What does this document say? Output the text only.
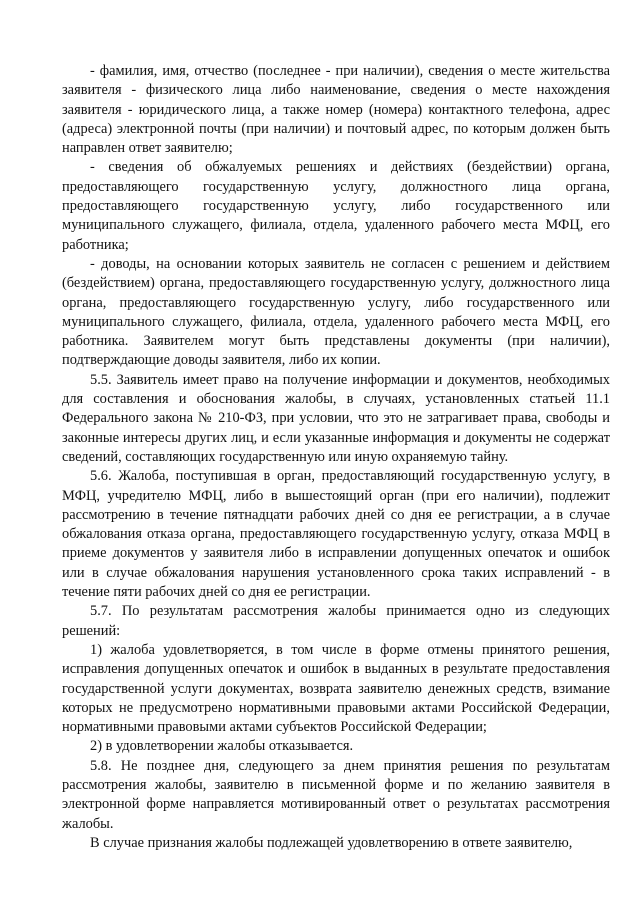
- фамилия, имя, отчество (последнее - при наличии), сведения о месте жительства заявителя - физического лица либо наименование, сведения о месте нахождения заявителя - юридического лица, а также номер (номера) контактного телефона, адрес (адреса) электронной почты (при наличии) и почтовый адрес, по которым должен быть направлен ответ заявителю;

- сведения об обжалуемых решениях и действиях (бездействии) органа, предоставляющего государственную услугу, должностного лица органа, предоставляющего государственную услугу, либо государственного или муниципального служащего, филиала, отдела, удаленного рабочего места МФЦ, его работника;

- доводы, на основании которых заявитель не согласен с решением и действием (бездействием) органа, предоставляющего государственную услугу, должностного лица органа, предоставляющего государственную услугу, либо государственного или муниципального служащего, филиала, отдела, удаленного рабочего места МФЦ, его работника. Заявителем могут быть представлены документы (при наличии), подтверждающие доводы заявителя, либо их копии.

5.5. Заявитель имеет право на получение информации и документов, необходимых для составления и обоснования жалобы, в случаях, установленных статьей 11.1 Федерального закона № 210-ФЗ, при условии, что это не затрагивает права, свободы и законные интересы других лиц, и если указанные информация и документы не содержат сведений, составляющих государственную или иную охраняемую тайну.

5.6. Жалоба, поступившая в орган, предоставляющий государственную услугу, в МФЦ, учредителю МФЦ, либо в вышестоящий орган (при его наличии), подлежит рассмотрению в течение пятнадцати рабочих дней со дня ее регистрации, а в случае обжалования отказа органа, предоставляющего государственную услугу, отказа МФЦ в приеме документов у заявителя либо в исправлении допущенных опечаток и ошибок или в случае обжалования нарушения установленного срока таких исправлений - в течение пяти рабочих дней со дня ее регистрации.

5.7. По результатам рассмотрения жалобы принимается одно из следующих решений:

1) жалоба удовлетворяется, в том числе в форме отмены принятого решения, исправления допущенных опечаток и ошибок в выданных в результате предоставления государственной услуги документах, возврата заявителю денежных средств, взимание которых не предусмотрено нормативными правовыми актами Российской Федерации, нормативными правовыми актами субъектов Российской Федерации;

2) в удовлетворении жалобы отказывается.

5.8. Не позднее дня, следующего за днем принятия решения по результатам рассмотрения жалобы, заявителю в письменной форме и по желанию заявителя в электронной форме направляется мотивированный ответ о результатах рассмотрения жалобы.

В случае признания жалобы подлежащей удовлетворению в ответе заявителю,
